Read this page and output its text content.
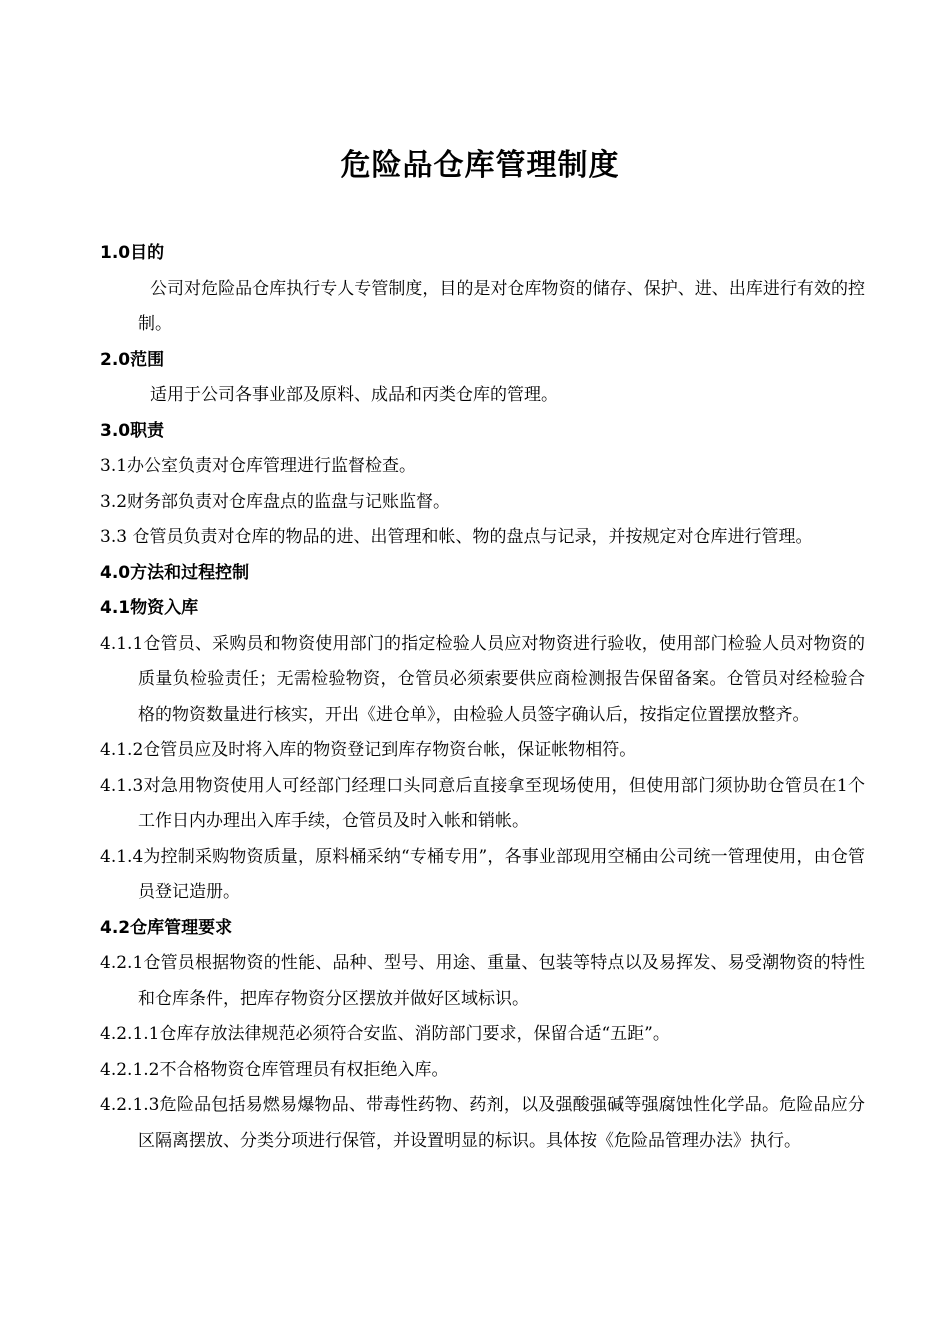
危险品仓库管理制度

1.0目的

公司对危险品仓库执行专人专管制度，目的是对仓库物资的储存、保护、进、出库进行有效的控制。

2.0范围

适用于公司各事业部及原料、成品和丙类仓库的管理。

3.0职责

3.1办公室负责对仓库管理进行监督检查。

3.2财务部负责对仓库盘点的监盘与记账监督。

3.3 仓管员负责对仓库的物品的进、出管理和帐、物的盘点与记录，并按规定对仓库进行管理。

4.0方法和过程控制

4.1物资入库

4.1.1仓管员、采购员和物资使用部门的指定检验人员应对物资进行验收，使用部门检验人员对物资的质量负检验责任；无需检验物资，仓管员必须索要供应商检测报告保留备案。仓管员对经检验合格的物资数量进行核实，开出《进仓单》，由检验人员签字确认后，按指定位置摆放整齐。

4.1.2仓管员应及时将入库的物资登记到库存物资台帐，保证帐物相符。

4.1.3对急用物资使用人可经部门经理口头同意后直接拿至现场使用，但使用部门须协助仓管员在1个工作日内办理出入库手续，仓管员及时入帐和销帐。

4.1.4为控制采购物资质量，原料桶采纳“专桶专用”，各事业部现用空桶由公司统一管理使用，由仓管员登记造册。

4.2仓库管理要求

4.2.1仓管员根据物资的性能、品种、型号、用途、重量、包装等特点以及易挥发、易受潮物资的特性和仓库条件，把库存物资分区摆放并做好区域标识。

4.2.1.1仓库存放法律规范必须符合安监、消防部门要求，保留合适“五距”。

4.2.1.2不合格物资仓库管理员有权拒绝入库。

4.2.1.3危险品包括易燃易爆物品、带毒性药物、药剂，以及强酸强碱等强腐蚀性化学品。危险品应分区隔离摆放、分类分项进行保管，并设置明显的标识。具体按《危险品管理办法》执行。
